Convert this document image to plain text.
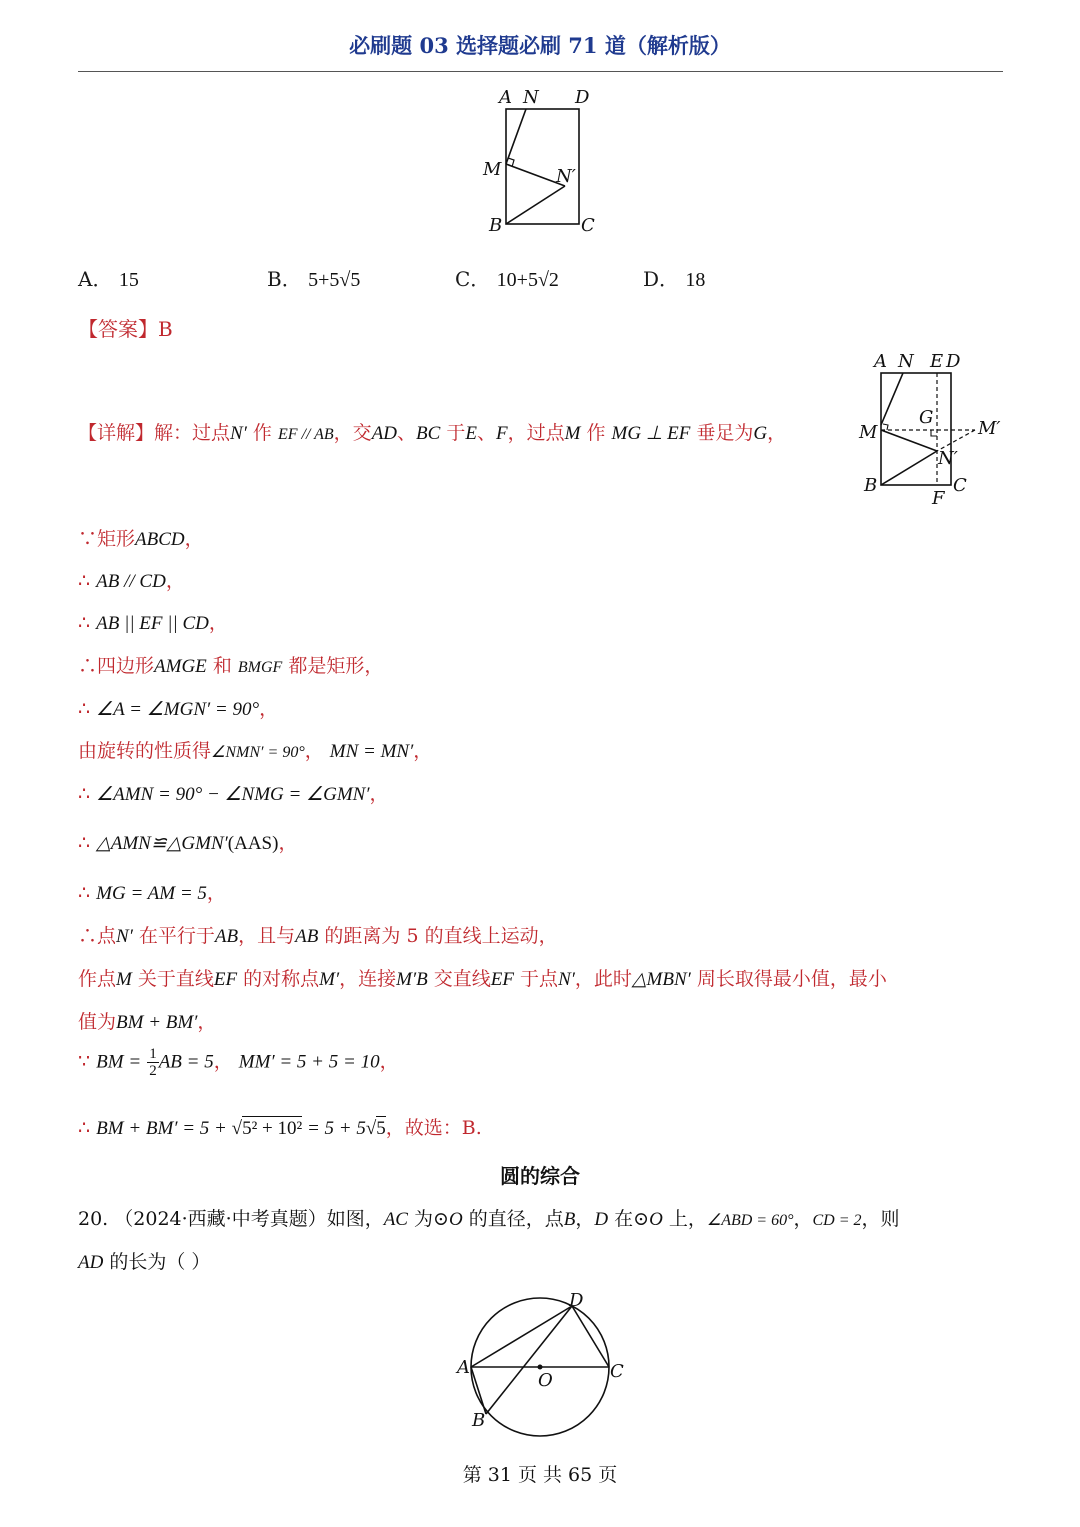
必刷题 03 选择题必刷 71 道（解析版）
A N D
M	N′
B	C
A． 15	B． 5+5√5	C． 10+5√2	D． 18
【答案】B
【详解】解：过点N′ 作 EF // AB，交AD、BC 于E、F，过点M 作 MG ⊥ EF 垂足为G，
A N E D
G
M	M′
N′
B
F
C
∵矩形ABCD，
∴ AB // CD，
∴ AB || EF || CD，
∴四边形AMGE 和 BMGF 都是矩形，
∴ ∠A = ∠MGN′ = 90°，
由旋转的性质得∠NMN′ = 90°， MN = MN′，
∴ ∠AMN = 90° − ∠NMG = ∠GMN′，
∴ △AMN≌△GMN′(AAS)，
∴ MG = AM = 5，
∴点N′ 在平行于AB，且与AB 的距离为 5 的直线上运动，
作点M 关于直线EF 的对称点M′，连接M′B 交直线EF 于点N′，此时△MBN′ 周长取得最小值，最小
值为BM + BM′，
∵ BM = $\frac{1}{2}$ AB = 5， MM′ = 5 + 5 = 10，
∴ BM + BM′ = 5 + √5² + 10² = 5 + 5√5，故选：B.
圆的综合
20. （2024·西藏·中考真题）如图，AC 为⊙O 的直径，点B，D 在⊙O 上，∠ABD = 60°，CD = 2，则
AD 的长为（ ）
D
A
O	C
B
第 31 页 共 65 页
